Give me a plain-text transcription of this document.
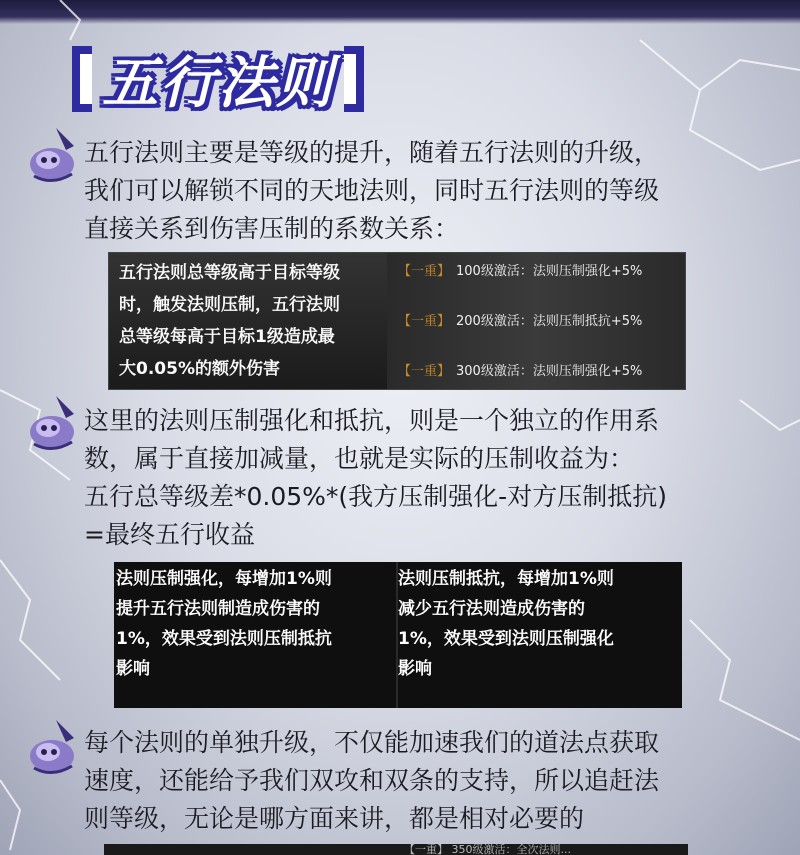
五行法则
五行法则主要是等级的提升，随着五行法则的升级，
我们可以解锁不同的天地法则，同时五行法则的等级
直接关系到伤害压制的系数关系：
五行法则总等级高于目标等级
时，触发法则压制，五行法则
总等级每高于目标1级造成最
大0.05%的额外伤害
【一重】 100级激活：法则压制强化+5%
【一重】 200级激活：法则压制抵抗+5%
【一重】 300级激活：法则压制强化+5%
这里的法则压制强化和抵抗，则是一个独立的作用系
数，属于直接加减量，也就是实际的压制收益为：
五行总等级差*0.05%*(我方压制强化-对方压制抵抗)
=最终五行收益
法则压制强化，每增加1%则
提升五行法则制造成伤害的
1%，效果受到法则压制抵抗
影响
法则压制抵抗，每增加1%则
减少五行法则造成伤害的
1%，效果受到法则压制强化
影响
每个法则的单独升级，不仅能加速我们的道法点获取
速度，还能给予我们双攻和双条的支持，所以追赶法
则等级，无论是哪方面来讲，都是相对必要的
【一重】 350级激活：全次法则...
